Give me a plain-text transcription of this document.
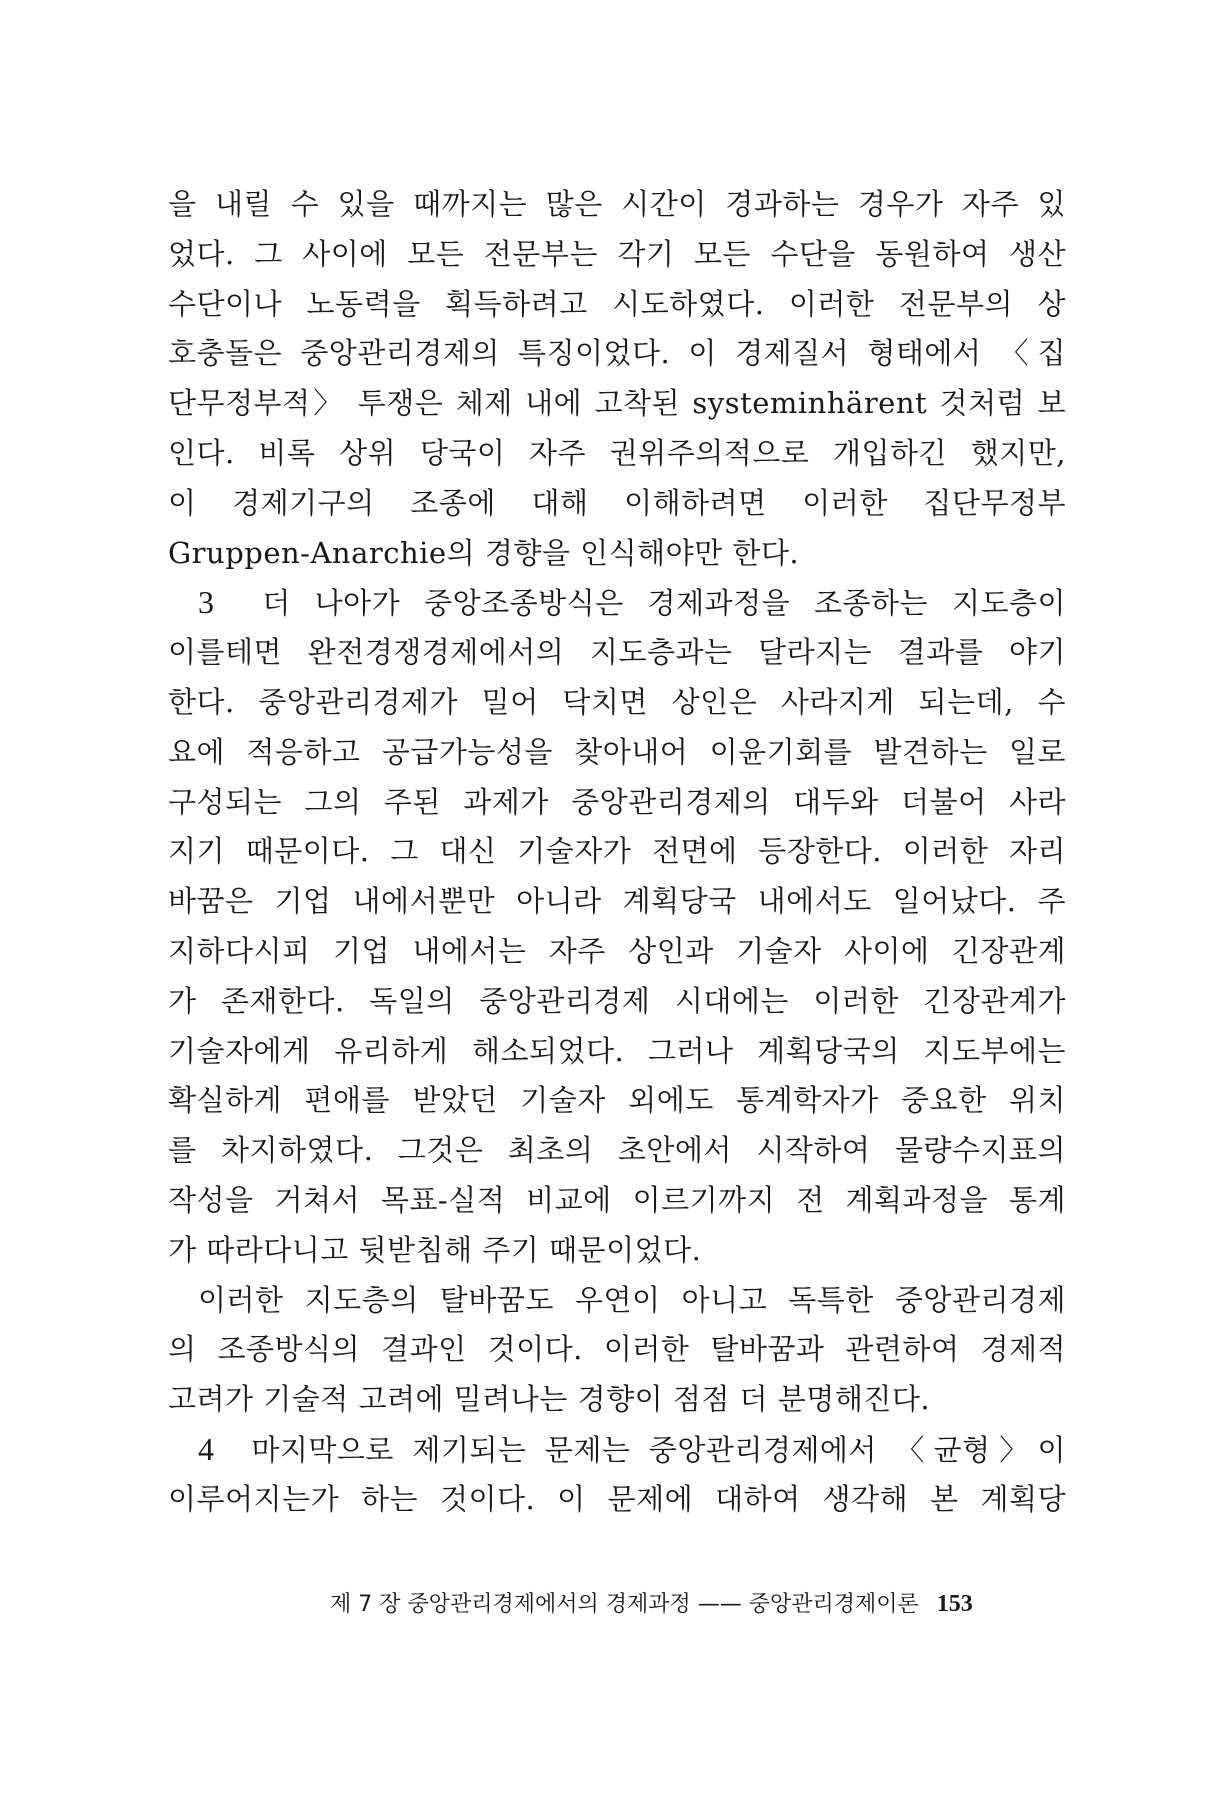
을 내릴 수 있을 때까지는 많은 시간이 경과하는 경우가 자주 있
었다. 그 사이에 모든 전문부는 각기 모든 수단을 동원하여 생산
수단이나 노동력을 획득하려고 시도하였다. 이러한 전문부의 상
호충돌은 중앙관리경제의 특징이었다. 이 경제질서 형태에서 〈집
단무정부적〉 투쟁은 체제 내에 고착된 systeminhärent 것처럼 보
인다. 비록 상위 당국이 자주 권위주의적으로 개입하긴 했지만,
이 경제기구의 조종에 대해 이해하려면 이러한 집단무정부
Gruppen-Anarchie의 경향을 인식해야만 한다.
3 더 나아가 중앙조종방식은 경제과정을 조종하는 지도층이
이를테면 완전경쟁경제에서의 지도층과는 달라지는 결과를 야기
한다. 중앙관리경제가 밀어 닥치면 상인은 사라지게 되는데, 수
요에 적응하고 공급가능성을 찾아내어 이윤기회를 발견하는 일로
구성되는 그의 주된 과제가 중앙관리경제의 대두와 더불어 사라
지기 때문이다. 그 대신 기술자가 전면에 등장한다. 이러한 자리
바꿈은 기업 내에서뿐만 아니라 계획당국 내에서도 일어났다. 주
지하다시피 기업 내에서는 자주 상인과 기술자 사이에 긴장관계
가 존재한다. 독일의 중앙관리경제 시대에는 이러한 긴장관계가
기술자에게 유리하게 해소되었다. 그러나 계획당국의 지도부에는
확실하게 편애를 받았던 기술자 외에도 통계학자가 중요한 위치
를 차지하였다. 그것은 최초의 초안에서 시작하여 물량수지표의
작성을 거쳐서 목표-실적 비교에 이르기까지 전 계획과정을 통계
가 따라다니고 뒷받침해 주기 때문이었다.
이러한 지도층의 탈바꿈도 우연이 아니고 독특한 중앙관리경제
의 조종방식의 결과인 것이다. 이러한 탈바꿈과 관련하여 경제적
고려가 기술적 고려에 밀려나는 경향이 점점 더 분명해진다.
4 마지막으로 제기되는 문제는 중앙관리경제에서 〈균형〉이
이루어지는가 하는 것이다. 이 문제에 대하여 생각해 본 계획당
제 7 장 중앙관리경제에서의 경제과정 —— 중앙관리경제이론 153
